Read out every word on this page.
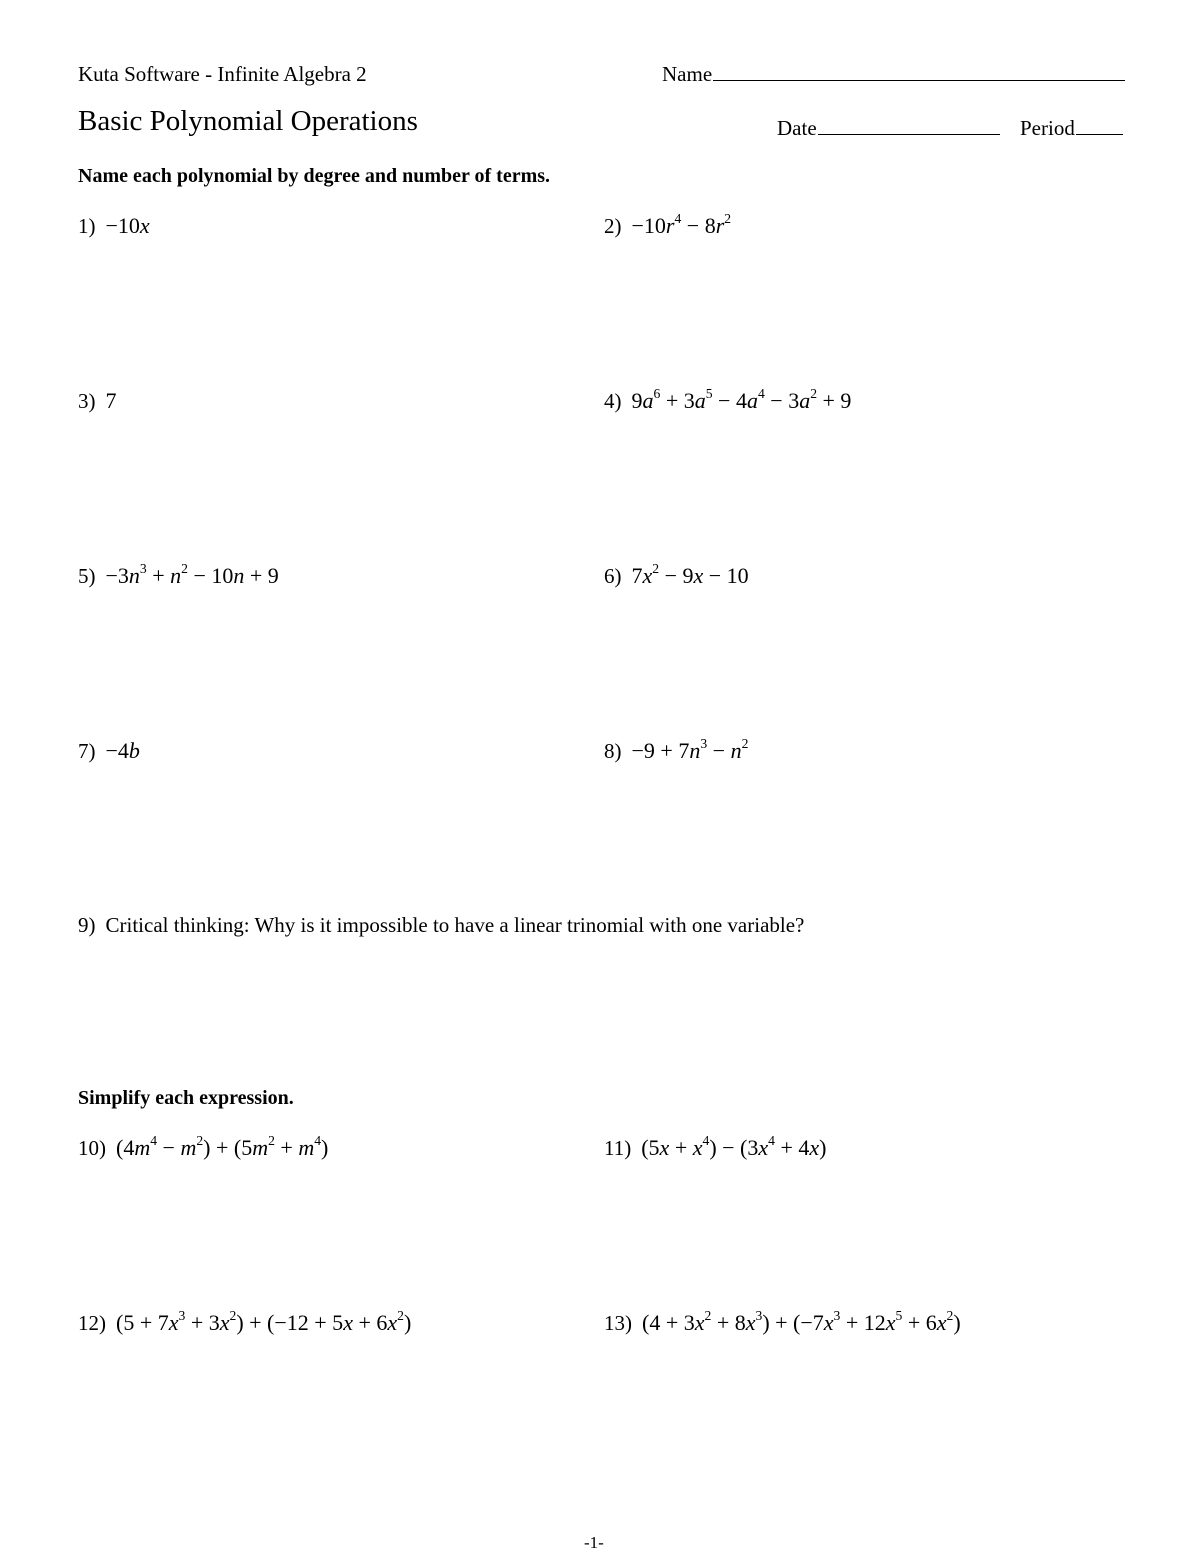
Kuta Software - Infinite Algebra 2	Name
Basic Polynomial Operations	Date	Period
Name each polynomial by degree and number of terms.
1) −10x	$2) -10r^4 - 8r^2$
3) 7	4) $9a^6 + 3a^5 - 4a^4 - 3a^2 + 9$
$5) -3n^3 + n^2 - 10n + 9$	6) $7x^2 - 9x - 10$
7) −4b	$8) -9 + 7n^3 - n^2$
9) Critical thinking: Why is it impossible to have a linear trinomial with one variable?
Simplify each expression.
10) $(4m^4 - m^2) + (5m^2 + m^4)$	11) $(5x + x^4) - (3x^4 + 4x)$
12) $(5 + 7x^3 + 3x^2) + (-12 + 5x + 6x^2)$	13) $(4 + 3x^2 + 8x^3) + (-7x^3 + 12x^5 + 6x^2)$
-1-
